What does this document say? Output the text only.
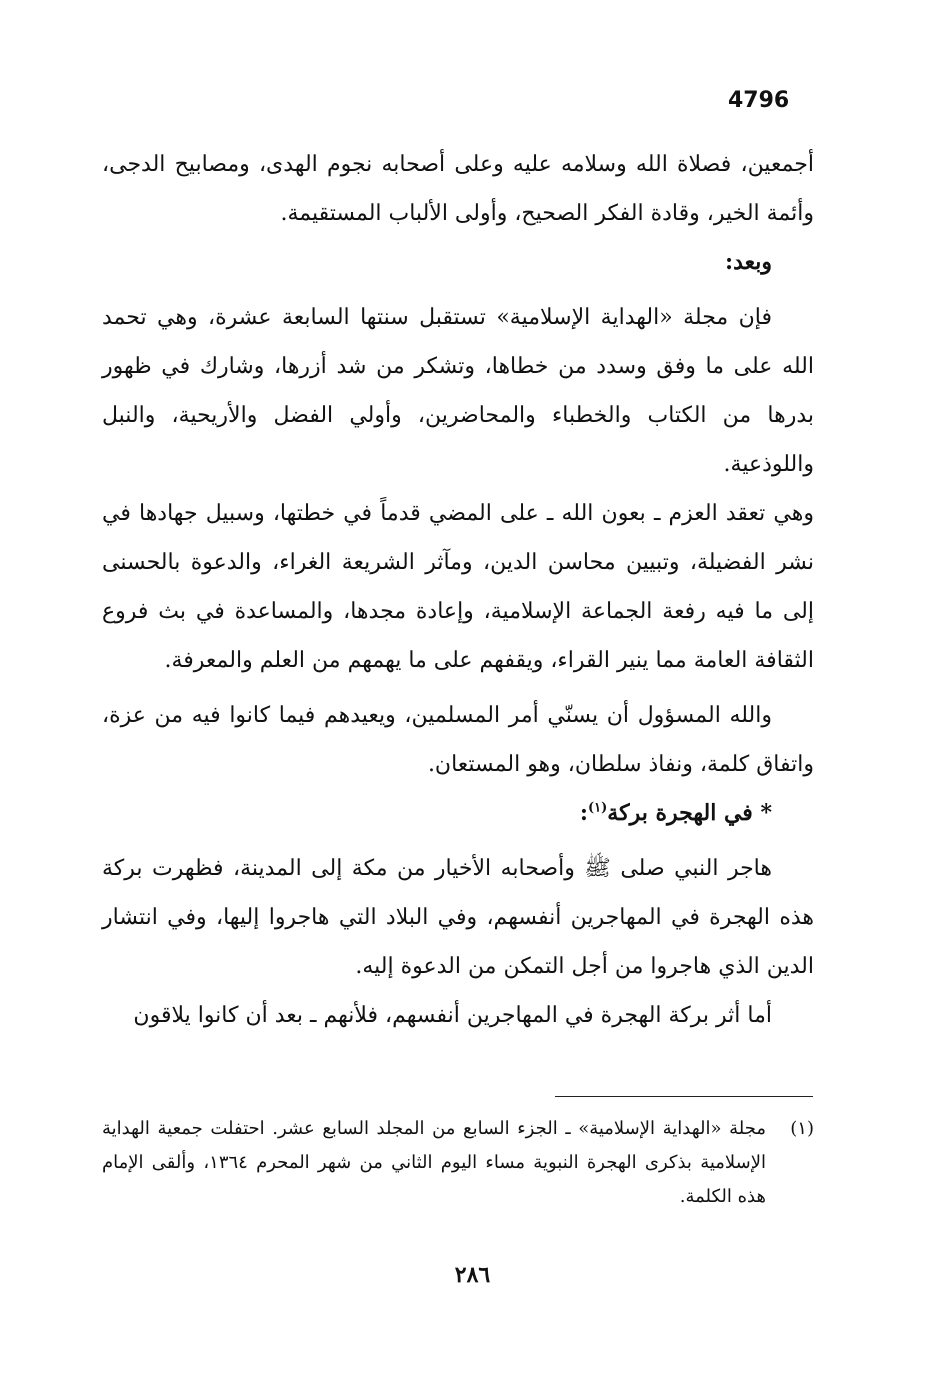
4796

أجمعين، فصلاة الله وسلامه عليه وعلى أصحابه نجوم الهدى، ومصابيح الدجى، وأئمة الخير، وقادة الفكر الصحيح، وأولى الألباب المستقيمة.

وبعد:

فإن مجلة «الهداية الإسلامية» تستقبل سنتها السابعة عشرة، وهي تحمد الله على ما وفق وسدد من خطاها، وتشكر من شد أزرها، وشارك في ظهور بدرها من الكتاب والخطباء والمحاضرين، وأولي الفضل والأريحية، والنبل واللوذعية.

وهي تعقد العزم ـ بعون الله ـ على المضي قدماً في خطتها، وسبيل جهادها في نشر الفضيلة، وتبيين محاسن الدين، ومآثر الشريعة الغراء، والدعوة بالحسنى إلى ما فيه رفعة الجماعة الإسلامية، وإعادة مجدها، والمساعدة في بث فروع الثقافة العامة مما ينير القراء، ويقفهم على ما يهمهم من العلم والمعرفة.

والله المسؤول أن يسنّي أمر المسلمين، ويعيدهم فيما كانوا فيه من عزة، واتفاق كلمة، ونفاذ سلطان، وهو المستعان.

* في الهجرة بركة$^{(١)}$:

هاجر النبي صلى ﷺ وأصحابه الأخيار من مكة إلى المدينة، فظهرت بركة هذه الهجرة في المهاجرين أنفسهم، وفي البلاد التي هاجروا إليها، وفي انتشار الدين الذي هاجروا من أجل التمكن من الدعوة إليه.

أما أثر بركة الهجرة في المهاجرين أنفسهم، فلأنهم ـ بعد أن كانوا يلاقون

(١)
مجلة «الهداية الإسلامية» ـ الجزء السابع من المجلد السابع عشر. احتفلت جمعية الهداية الإسلامية بذكرى الهجرة النبوية مساء اليوم الثاني من شهر المحرم ١٣٦٤، وألقى الإمام هذه الكلمة.
٢٨٦
